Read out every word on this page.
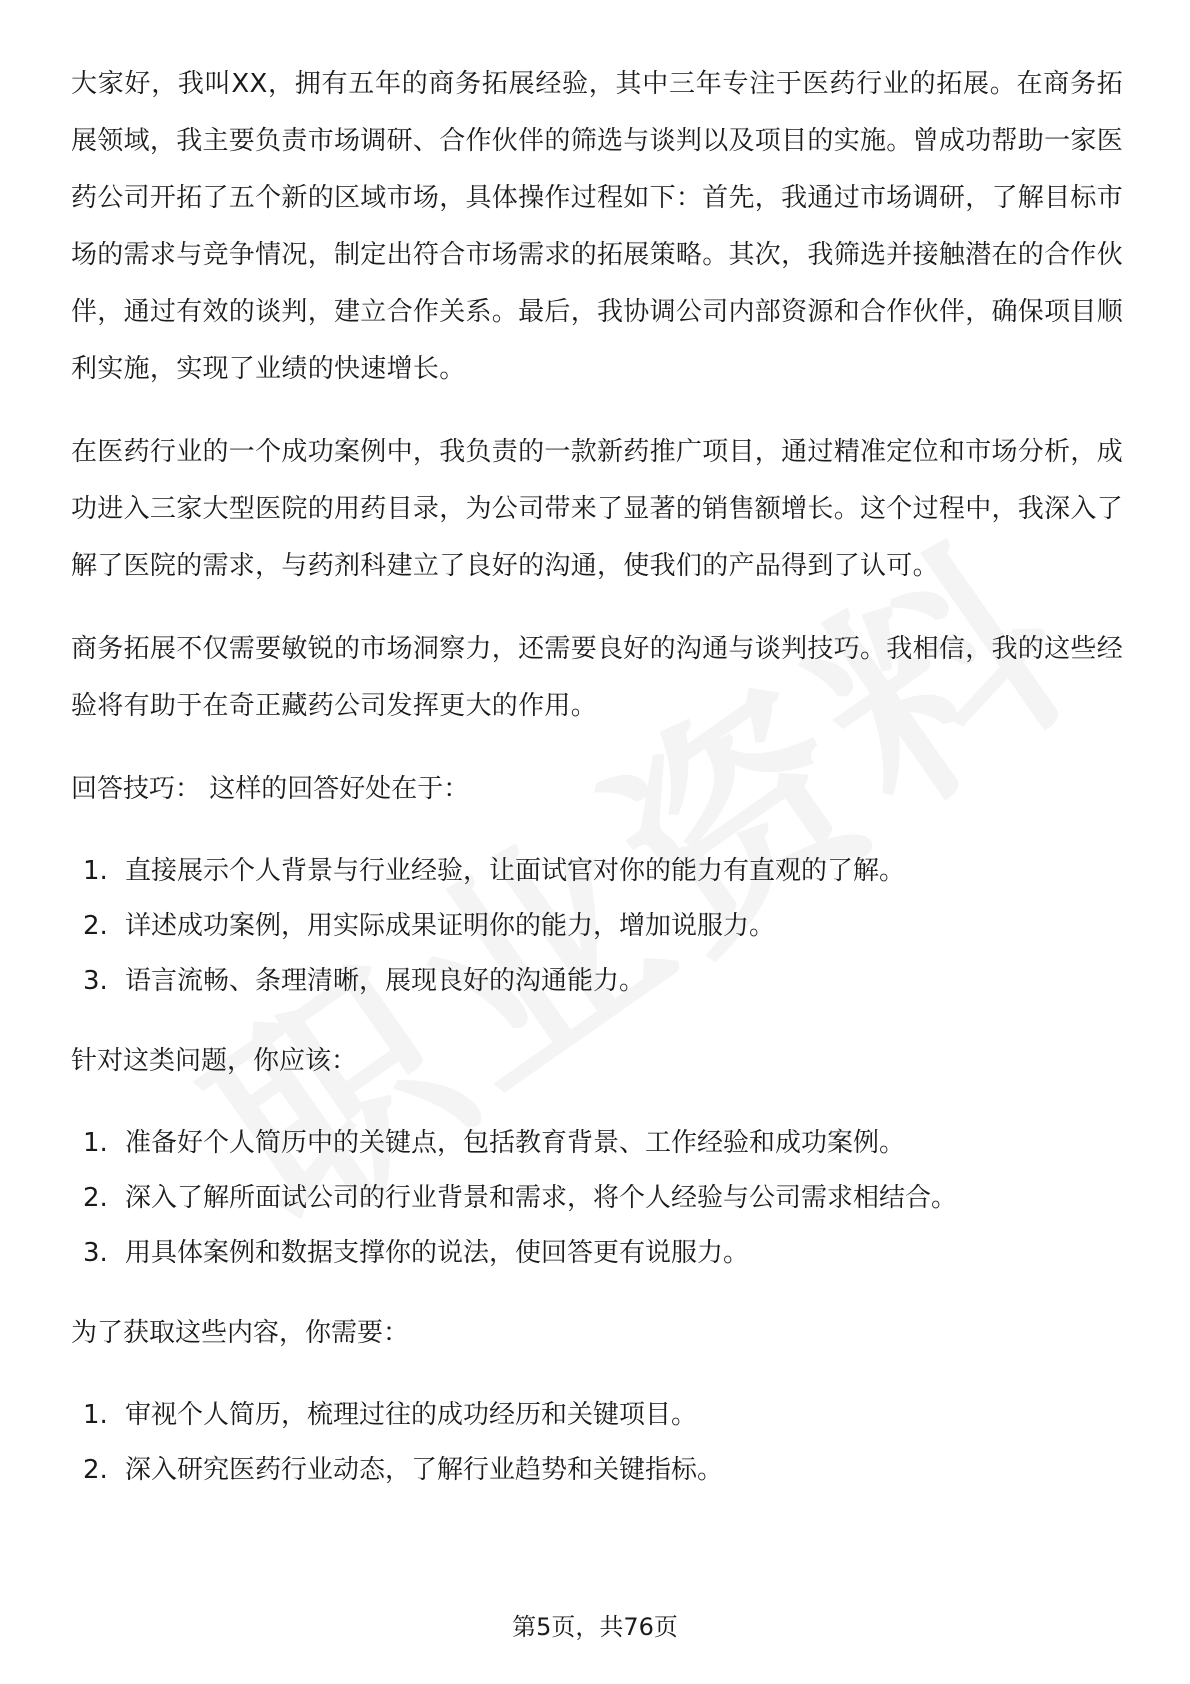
大家好，我叫XX，拥有五年的商务拓展经验，其中三年专注于医药行业的拓展。在商务拓展领域，我主要负责市场调研、合作伙伴的筛选与谈判以及项目的实施。曾成功帮助一家医药公司开拓了五个新的区域市场，具体操作过程如下：首先，我通过市场调研，了解目标市场的需求与竞争情况，制定出符合市场需求的拓展策略。其次，我筛选并接触潜在的合作伙伴，通过有效的谈判，建立合作关系。最后，我协调公司内部资源和合作伙伴，确保项目顺利实施，实现了业绩的快速增长。

在医药行业的一个成功案例中，我负责的一款新药推广项目，通过精准定位和市场分析，成功进入三家大型医院的用药目录，为公司带来了显著的销售额增长。这个过程中，我深入了解了医院的需求，与药剂科建立了良好的沟通，使我们的产品得到了认可。

商务拓展不仅需要敏锐的市场洞察力，还需要良好的沟通与谈判技巧。我相信，我的这些经验将有助于在奇正藏药公司发挥更大的作用。

回答技巧： 这样的回答好处在于：

1. 直接展示个人背景与行业经验，让面试官对你的能力有直观的了解。
2. 详述成功案例，用实际成果证明你的能力，增加说服力。
3. 语言流畅、条理清晰，展现良好的沟通能力。

针对这类问题，你应该：

1. 准备好个人简历中的关键点，包括教育背景、工作经验和成功案例。
2. 深入了解所面试公司的行业背景和需求，将个人经验与公司需求相结合。
3. 用具体案例和数据支撑你的说法，使回答更有说服力。

为了获取这些内容，你需要：

1. 审视个人简历，梳理过往的成功经历和关键项目。
2. 深入研究医药行业动态，了解行业趋势和关键指标。
第5页，共76页
